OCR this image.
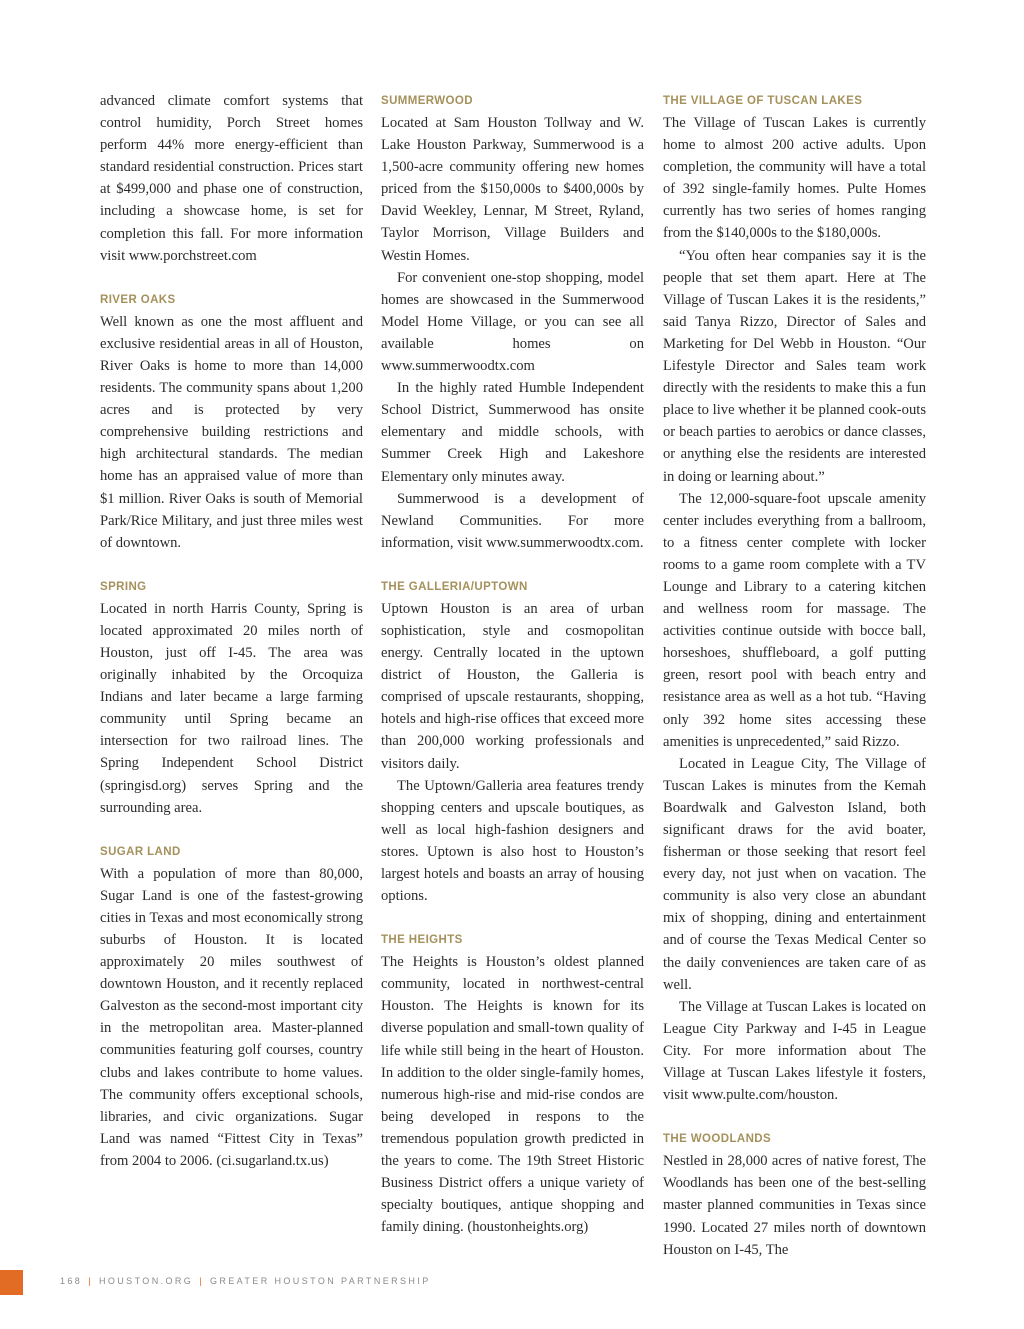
advanced climate comfort systems that control humidity, Porch Street homes perform 44% more energy-efficient than standard residential construction. Prices start at $499,000 and phase one of construction, including a showcase home, is set for completion this fall. For more information visit www.porchstreet.com

RIVER OAKS

Well known as one the most affluent and exclusive residential areas in all of Houston, River Oaks is home to more than 14,000 residents. The community spans about 1,200 acres and is protected by very comprehensive building restrictions and high architectural standards. The median home has an appraised value of more than $1 million. River Oaks is south of Memorial Park/Rice Military, and just three miles west of downtown.

SPRING

Located in north Harris County, Spring is located approximated 20 miles north of Houston, just off I-45. The area was originally inhabited by the Orcoquiza Indians and later became a large farming community until Spring became an intersection for two railroad lines. The Spring Independent School District (springisd.org) serves Spring and the surrounding area.

SUGAR LAND

With a population of more than 80,000, Sugar Land is one of the fastest-growing cities in Texas and most economically strong suburbs of Houston. It is located approximately 20 miles southwest of downtown Houston, and it recently replaced Galveston as the second-most important city in the metropolitan area. Master-planned communities featuring golf courses, country clubs and lakes contribute to home values. The community offers exceptional schools, libraries, and civic organizations. Sugar Land was named “Fittest City in Texas” from 2004 to 2006. (ci.sugarland.tx.us)

SUMMERWOOD

Located at Sam Houston Tollway and W. Lake Houston Parkway, Summerwood is a 1,500-acre community offering new homes priced from the $150,000s to $400,000s by David Weekley, Lennar, M Street, Ryland, Taylor Morrison, Village Builders and Westin Homes.

For convenient one-stop shopping, model homes are showcased in the Summerwood Model Home Village, or you can see all available homes on www.summerwoodtx.com

In the highly rated Humble Independent School District, Summerwood has onsite elementary and middle schools, with Summer Creek High and Lakeshore Elementary only minutes away.

Summerwood is a development of Newland Communities. For more information, visit www.summerwoodtx.com.

THE GALLERIA/UPTOWN

Uptown Houston is an area of urban sophistication, style and cosmopolitan energy. Centrally located in the uptown district of Houston, the Galleria is comprised of upscale restaurants, shopping, hotels and high-rise offices that exceed more than 200,000 working professionals and visitors daily.

The Uptown/Galleria area features trendy shopping centers and upscale boutiques, as well as local high-fashion designers and stores. Uptown is also host to Houston’s largest hotels and boasts an array of housing options.

THE HEIGHTS

The Heights is Houston’s oldest planned community, located in northwest-central Houston. The Heights is known for its diverse population and small-town quality of life while still being in the heart of Houston. In addition to the older single-family homes, numerous high-rise and mid-rise condos are being developed in respons to the tremendous population growth predicted in the years to come. The 19th Street Historic Business District offers a unique variety of specialty boutiques, antique shopping and family dining. (houstonheights.org)

THE VILLAGE OF TUSCAN LAKES

The Village of Tuscan Lakes is currently home to almost 200 active adults. Upon completion, the community will have a total of 392 single-family homes. Pulte Homes currently has two series of homes ranging from the $140,000s to the $180,000s.

“You often hear companies say it is the people that set them apart. Here at The Village of Tuscan Lakes it is the residents,” said Tanya Rizzo, Director of Sales and Marketing for Del Webb in Houston. “Our Lifestyle Director and Sales team work directly with the residents to make this a fun place to live whether it be planned cook-outs or beach parties to aerobics or dance classes, or anything else the residents are interested in doing or learning about.”

The 12,000-square-foot upscale amenity center includes everything from a ballroom, to a fitness center complete with locker rooms to a game room complete with a TV Lounge and Library to a catering kitchen and wellness room for massage. The activities continue outside with bocce ball, horseshoes, shuffleboard, a golf putting green, resort pool with beach entry and resistance area as well as a hot tub. “Having only 392 home sites accessing these amenities is unprecedented,” said Rizzo.

Located in League City, The Village of Tuscan Lakes is minutes from the Kemah Boardwalk and Galveston Island, both significant draws for the avid boater, fisherman or those seeking that resort feel every day, not just when on vacation. The community is also very close an abundant mix of shopping, dining and entertainment and of course the Texas Medical Center so the daily conveniences are taken care of as well.

The Village at Tuscan Lakes is located on League City Parkway and I-45 in League City. For more information about The Village at Tuscan Lakes lifestyle it fosters, visit www.pulte.com/houston.

THE WOODLANDS

Nestled in 28,000 acres of native forest, The Woodlands has been one of the best-selling master planned communities in Texas since 1990. Located 27 miles north of downtown Houston on I-45, The

168 | HOUSTON.ORG | GREATER HOUSTON PARTNERSHIP
